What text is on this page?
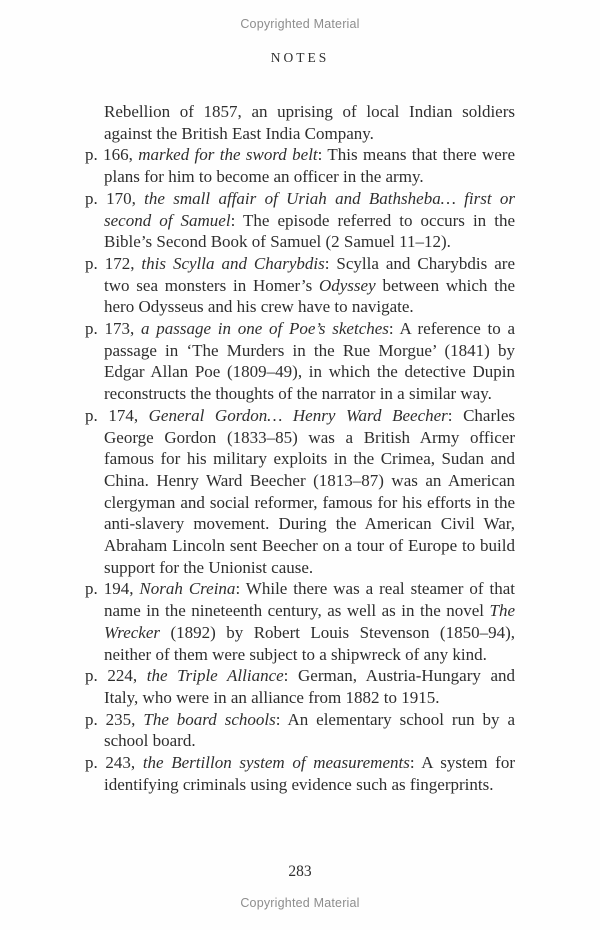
Copyrighted Material
NOTES

Rebellion of 1857, an uprising of local Indian soldiers against the British East India Company.

p. 166, marked for the sword belt: This means that there were plans for him to become an officer in the army.

p. 170, the small affair of Uriah and Bathsheba… first or second of Samuel: The episode referred to occurs in the Bible’s Second Book of Samuel (2 Samuel 11–12).

p. 172, this Scylla and Charybdis: Scylla and Charybdis are two sea monsters in Homer’s Odyssey between which the hero Odysseus and his crew have to navigate.

p. 173, a passage in one of Poe’s sketches: A reference to a passage in ‘The Murders in the Rue Morgue’ (1841) by Edgar Allan Poe (1809–49), in which the detective Dupin reconstructs the thoughts of the narrator in a similar way.

p. 174, General Gordon… Henry Ward Beecher: Charles George Gordon (1833–85) was a British Army officer famous for his military exploits in the Crimea, Sudan and China. Henry Ward Beecher (1813–87) was an American clergyman and social reformer, famous for his efforts in the anti-slavery movement. During the American Civil War, Abraham Lincoln sent Beecher on a tour of Europe to build support for the Unionist cause.

p. 194, Norah Creina: While there was a real steamer of that name in the nineteenth century, as well as in the novel The Wrecker (1892) by Robert Louis Stevenson (1850–94), neither of them were subject to a shipwreck of any kind.

p. 224, the Triple Alliance: German, Austria-Hungary and Italy, who were in an alliance from 1882 to 1915.

p. 235, The board schools: An elementary school run by a school board.

p. 243, the Bertillon system of measurements: A system for identifying criminals using evidence such as fingerprints.

283
Copyrighted Material
